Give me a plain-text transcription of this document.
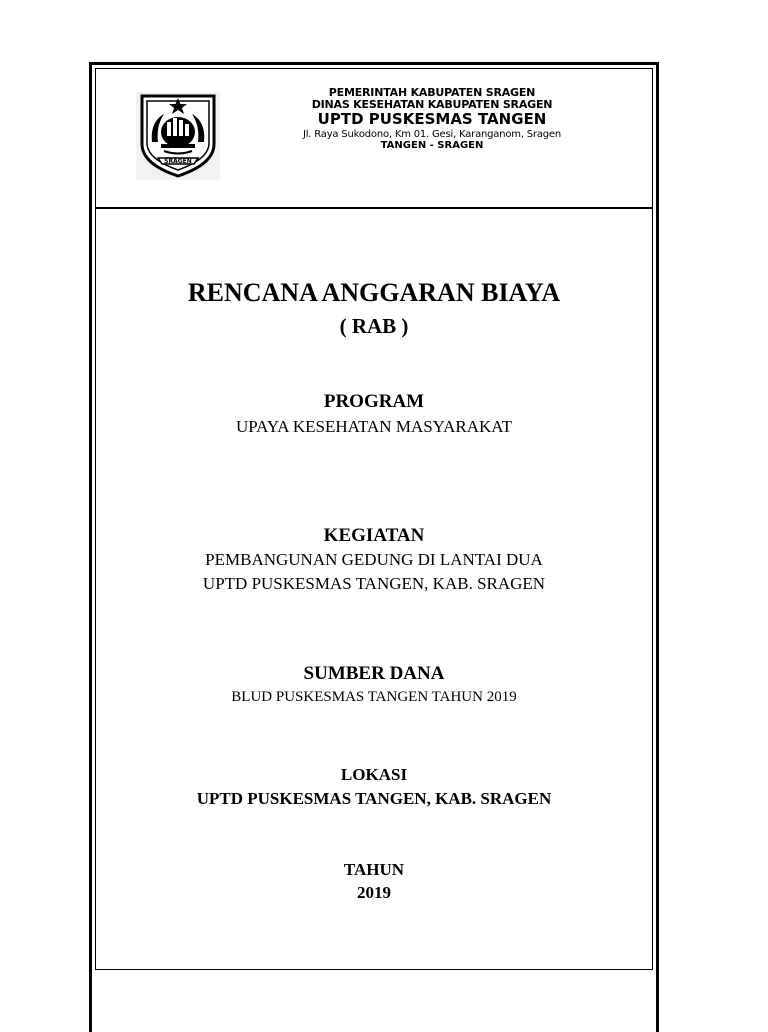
SRAGEN
PEMERINTAH KABUPATEN SRAGEN
DINAS KESEHATAN KABUPATEN SRAGEN
UPTD PUSKESMAS TANGEN
Jl. Raya Sukodono, Km 01. Gesi, Karanganom, Sragen
TANGEN - SRAGEN
RENCANA ANGGARAN BIAYA
( RAB )
PROGRAM
UPAYA KESEHATAN MASYARAKAT
KEGIATAN
PEMBANGUNAN GEDUNG DI LANTAI DUA
UPTD PUSKESMAS TANGEN, KAB. SRAGEN
SUMBER DANA
BLUD PUSKESMAS TANGEN TAHUN 2019
LOKASI
UPTD PUSKESMAS TANGEN, KAB. SRAGEN
TAHUN
2019
